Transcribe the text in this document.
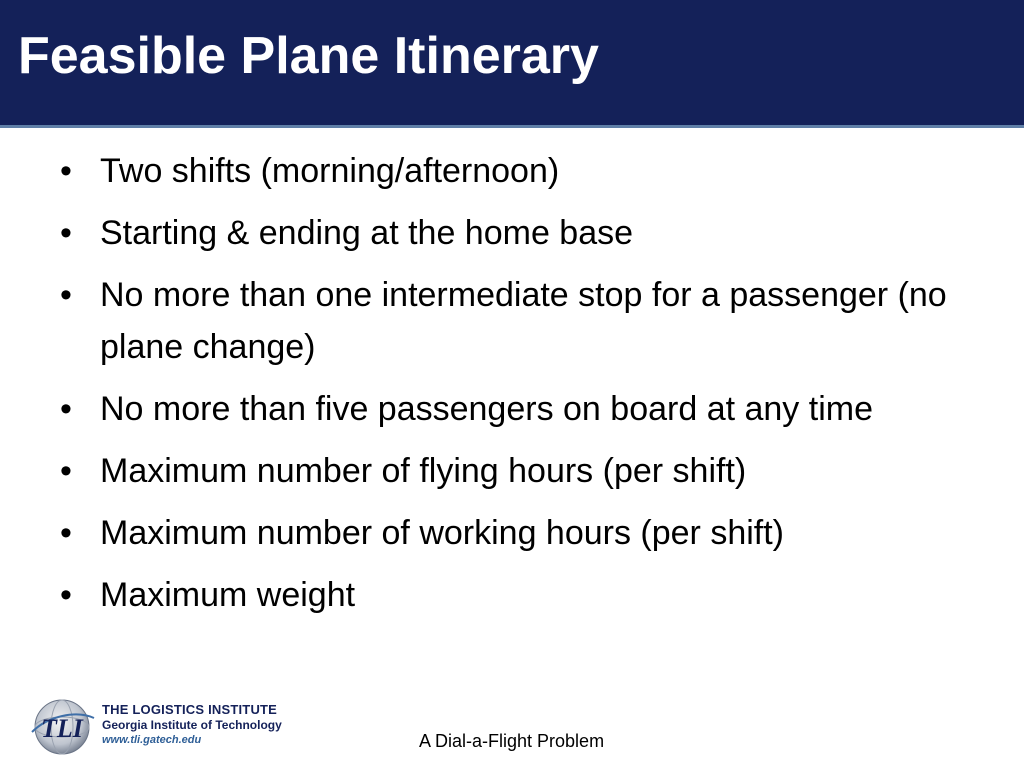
Feasible Plane Itinerary
• Two shifts (morning/afternoon)
• Starting & ending at the home base
• No more than one intermediate stop for a passenger (no plane change)
• No more than five passengers on board at any time
• Maximum number of flying hours (per shift)
• Maximum number of working hours (per shift)
• Maximum weight
TLI
THE LOGISTICS INSTITUTE
Georgia Institute of Technology
www.tli.gatech.edu	A Dial-a-Flight Problem
